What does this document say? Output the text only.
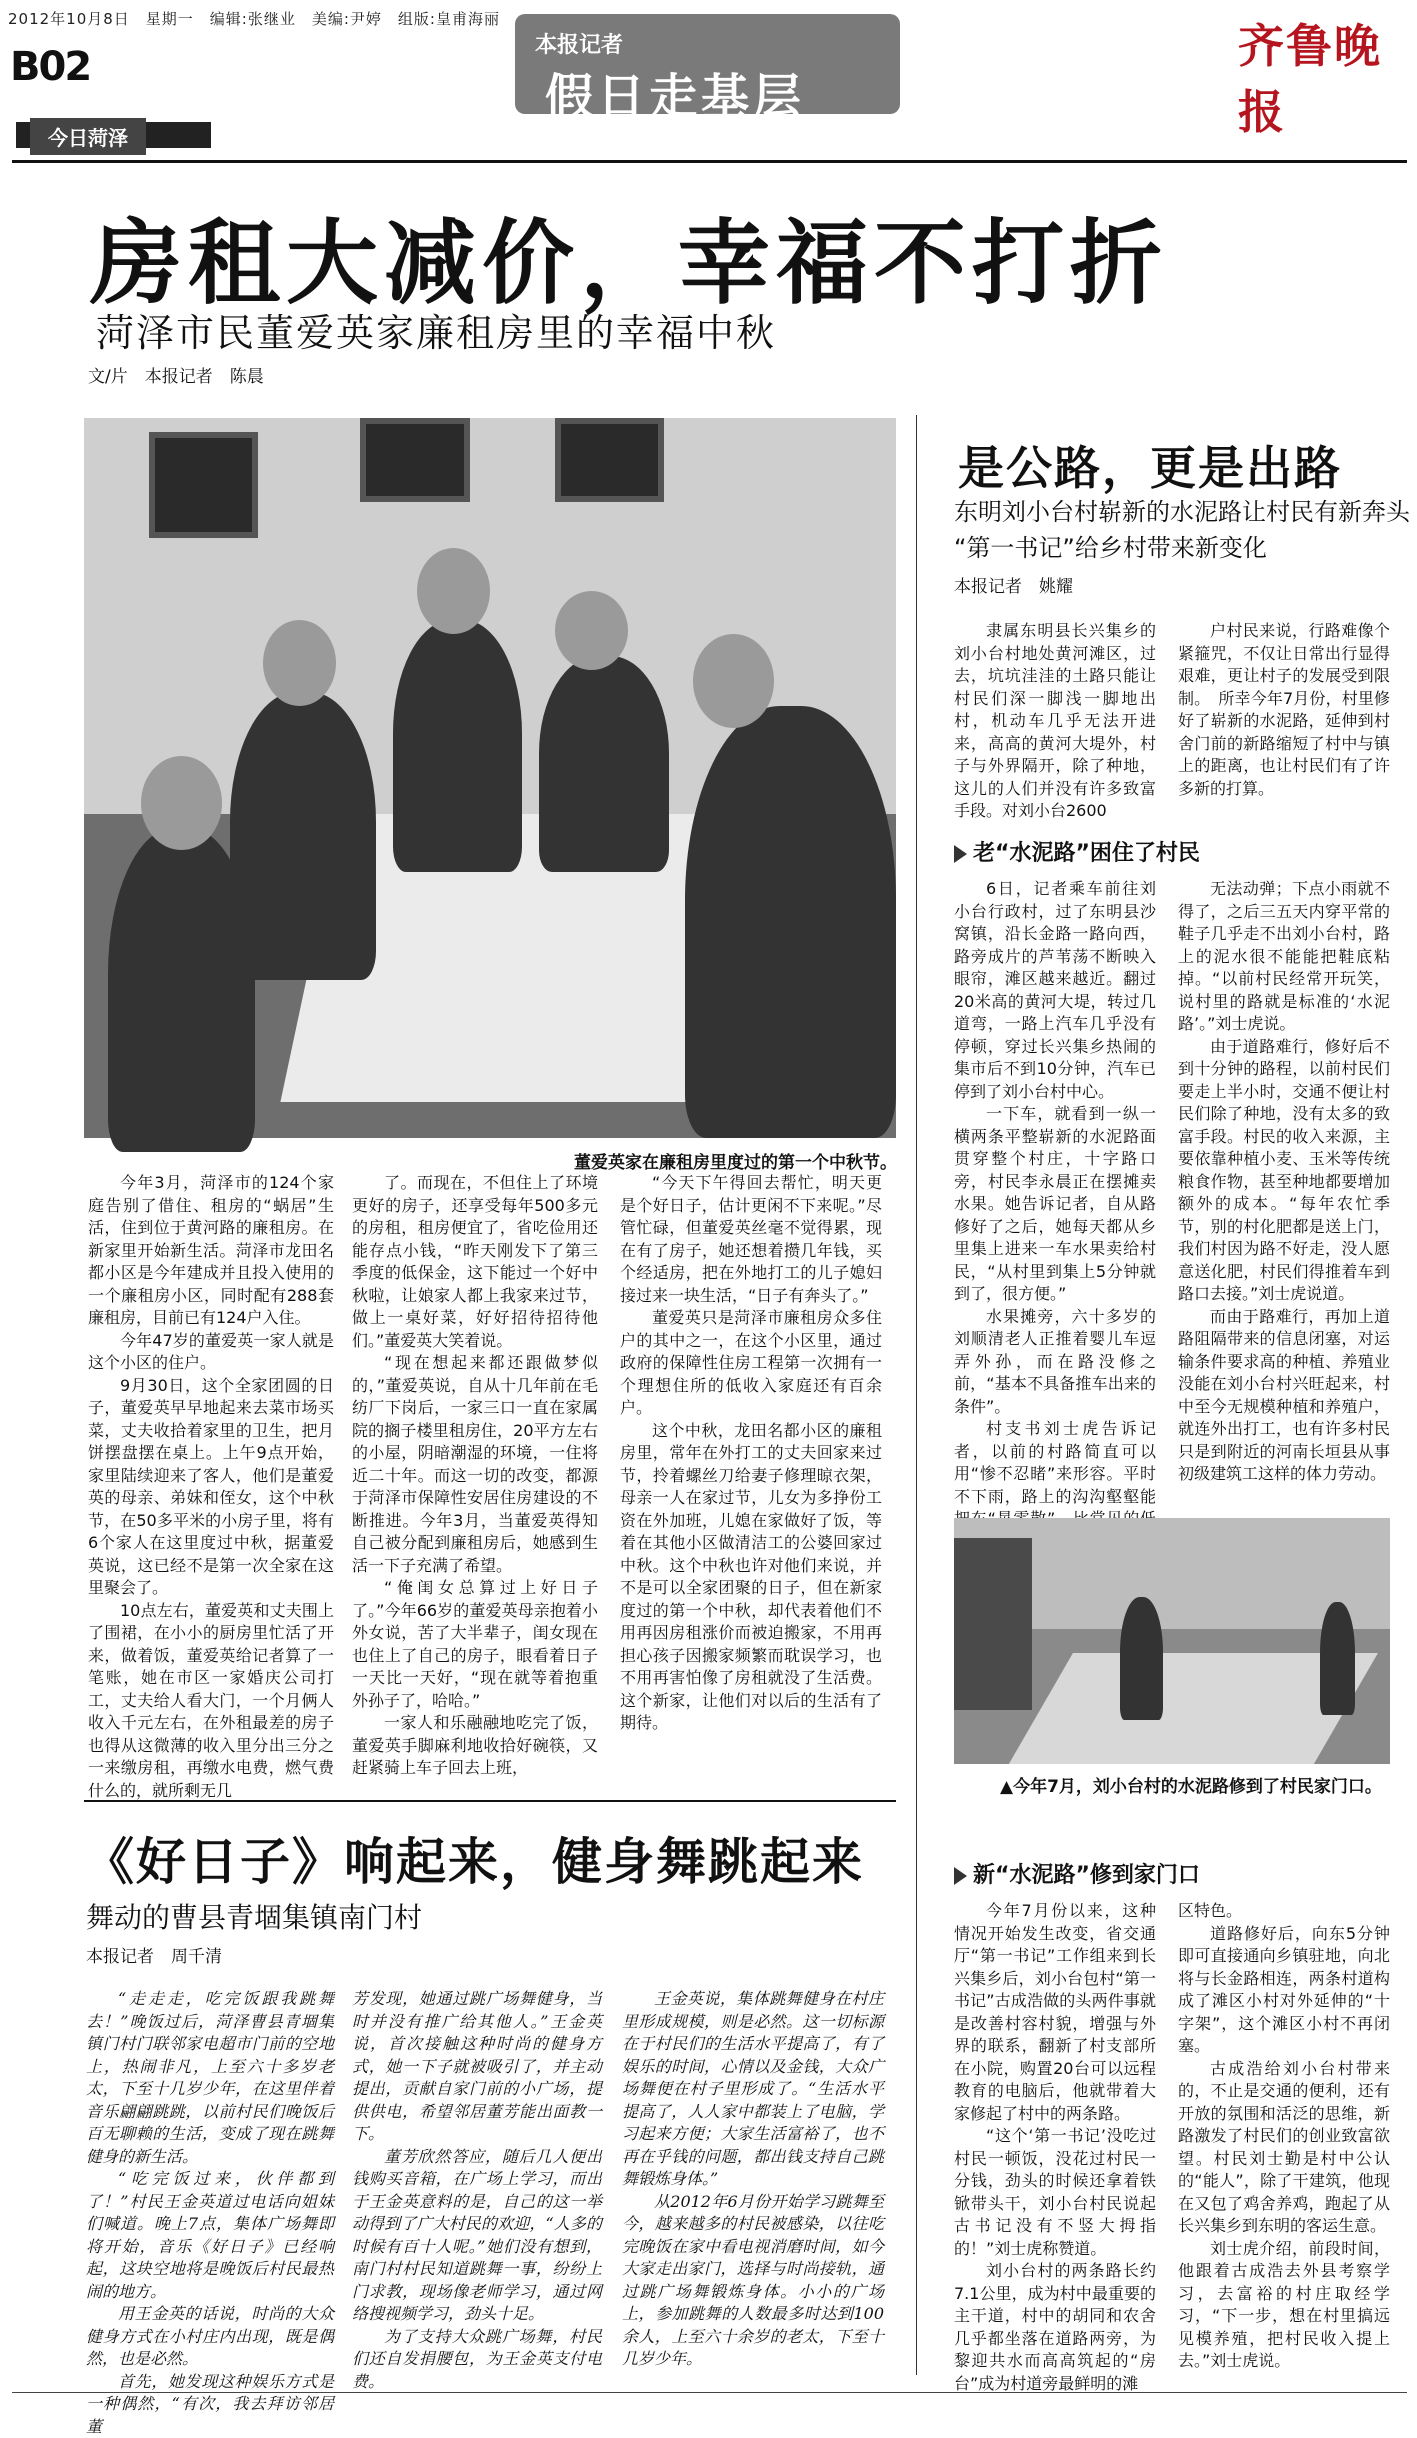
2012年10月8日　星期一　编辑:张继业　美编:尹婷　组版:皇甫海丽
B02
今日菏泽
本报记者
假日走基层
齐鲁晚报
房租大减价，幸福不打折
菏泽市民董爱英家廉租房里的幸福中秋
文/片　本报记者　陈晨
董爱英家在廉租房里度过的第一个中秋节。

今年3月，菏泽市的124个家庭告别了借住、租房的“蜗居”生活，住到位于黄河路的廉租房。在新家里开始新生活。菏泽市龙田名都小区是今年建成并且投入使用的一个廉租房小区，同时配有288套廉租房，目前已有124户入住。

今年47岁的董爱英一家人就是这个小区的住户。

9月30日，这个全家团圆的日子，董爱英早早地起来去菜市场买菜，丈夫收拾着家里的卫生，把月饼摆盘摆在桌上。上午9点开始，家里陆续迎来了客人，他们是董爱英的母亲、弟妹和侄女，这个中秋节，在50多平米的小房子里，将有6个家人在这里度过中秋，据董爱英说，这已经不是第一次全家在这里聚会了。

10点左右，董爱英和丈夫围上了围裙，在小小的厨房里忙活了开来，做着饭，董爱英给记者算了一笔账，她在市区一家婚庆公司打工，丈夫给人看大门，一个月俩人收入千元左右，在外租最差的房子也得从这微薄的收入里分出三分之一来缴房租，再缴水电费，燃气费什么的，就所剩无几

了。而现在，不但住上了环境更好的房子，还享受每年500多元的房租，租房便宜了，省吃俭用还能存点小钱，“昨天刚发下了第三季度的低保金，这下能过一个好中秋啦，让娘家人都上我家来过节，做上一桌好菜，好好招待招待他们。”董爱英大笑着说。

“现在想起来都还跟做梦似的，”董爱英说，自从十几年前在毛纺厂下岗后，一家三口一直在家属院的搁子楼里租房住，20平方左右的小屋，阴暗潮湿的环境，一住将近二十年。而这一切的改变，都源于菏泽市保障性安居住房建设的不断推进。今年3月，当董爱英得知自己被分配到廉租房后，她感到生活一下子充满了希望。

“俺闺女总算过上好日子了。”今年66岁的董爱英母亲抱着小外女说，苦了大半辈子，闺女现在也住上了自己的房子，眼看着日子一天比一天好，“现在就等着抱重外孙子了，哈哈。”

一家人和乐融融地吃完了饭，董爱英手脚麻利地收拾好碗筷，又赶紧骑上车子回去上班，

“今天下午得回去帮忙，明天更是个好日子，估计更闲不下来呢。”尽管忙碌，但董爱英丝毫不觉得累，现在有了房子，她还想着攒几年钱，买个经适房，把在外地打工的儿子媳妇接过来一块生活，“日子有奔头了。”

董爱英只是菏泽市廉租房众多住户的其中之一，在这个小区里，通过政府的保障性住房工程第一次拥有一个理想住所的低收入家庭还有百余户。

这个中秋，龙田名都小区的廉租房里，常年在外打工的丈夫回家来过节，拎着螺丝刀给妻子修理晾衣架，母亲一人在家过节，儿女为多挣份工资在外加班，儿媳在家做好了饭，等着在其他小区做清洁工的公婆回家过中秋。这个中秋也许对他们来说，并不是可以全家团聚的日子，但在新家度过的第一个中秋，却代表着他们不用再因房租涨价而被迫搬家，不用再担心孩子因搬家频繁而耽误学习，也不用再害怕像了房租就没了生活费。这个新家，让他们对以后的生活有了期待。

是公路，更是出路
东明刘小台村崭新的水泥路让村民有新奔头
“第一书记”给乡村带来新变化
本报记者　姚耀

隶属东明县长兴集乡的刘小台村地处黄河滩区，过去，坑坑洼洼的土路只能让村民们深一脚浅一脚地出村，机动车几乎无法开进来，高高的黄河大堤外，村子与外界隔开，除了种地，这儿的人们并没有许多致富手段。对刘小台2600

户村民来说，行路难像个紧箍咒，不仅让日常出行显得艰难，更让村子的发展受到限制。　所幸今年7月份，村里修好了崭新的水泥路，延伸到村舍门前的新路缩短了村中与镇上的距离，也让村民们有了许多新的打算。

老“水泥路”困住了村民

6日，记者乘车前往刘小台行政村，过了东明县沙窝镇，沿长金路一路向西，路旁成片的芦苇荡不断映入眼帘，滩区越来越近。翻过20米高的黄河大堤，转过几道弯，一路上汽车几乎没有停顿，穿过长兴集乡热闹的集市后不到10分钟，汽车已停到了刘小台村中心。

一下车，就看到一纵一横两条平整崭新的水泥路面贯穿整个村庄，十字路口旁，村民李永晨正在摆摊卖水果。她告诉记者，自从路修好了之后，她每天都从乡里集上进来一车水果卖给村民，“从村里到集上5分钟就到了，很方便。”

水果摊旁，六十多岁的刘顺清老人正推着婴儿车逗弄外孙，而在路没修之前，“基本不具备推车出来的条件”。

村支书刘士虎告诉记者，以前的村路简直可以用“惨不忍睹”来形容。平时不下雨，路上的沟沟壑壑能

无法动弹；下点小雨就不得了，之后三五天内穿平常的鞋子几乎走不出刘小台村，路上的泥水很不能能把鞋底粘掉。“以前村民经常开玩笑，说村里的路就是标准的‘水泥路’。”刘士虎说。

由于道路难行，修好后不到十分钟的路程，以前村民们要走上半小时，交通不便让村民们除了种地，没有太多的致富手段。村民的收入来源，主要依靠种植小麦、玉米等传统粮食作物，甚至种地都要增加额外的成本。“每年农忙季节，别的村化肥都是送上门，我们村因为路不好走，没人愿意送化肥，村民们得推着车到路口去接。”刘士虎说道。

而由于路难行，再加上道路阻隔带来的信息闭塞，对运输条件要求高的种植、养殖业没能在刘小台村兴旺起来，村中至今无规模种植和养殖户，就连外出打工，也有许多村民只是到附近的河南长垣县从事初级建筑工这样的体力劳动。

▲今年7月，刘小台村的水泥路修到了村民家门口。
新“水泥路”修到家门口

今年7月份以来，这种情况开始发生改变，省交通厅“第一书记”工作组来到长兴集乡后，刘小台包村“第一书记”古成浩做的头两件事就是改善村容村貌，增强与外界的联系，翻新了村支部所在小院，购置20台可以远程教育的电脑后，他就带着大家修起了村中的两条路。

“这个‘第一书记’没吃过村民一顿饭，没花过村民一分钱，劲头的时候还拿着铁锨带头干，刘小台村民说起古书记没有不竖大拇指的！”刘士虎称赞道。

刘小台村的两条路长约7.1公里，成为村中最重要的主干道，村中的胡同和农舍几乎都坐落在道路两旁，为黎迎共水而高高筑起的“房台”成为村道旁最鲜明的滩

区特色。

道路修好后，向东5分钟即可直接通向乡镇驻地，向北将与长金路相连，两条村道构成了滩区小村对外延伸的“十字架”，这个滩区小村不再闭塞。

古成浩给刘小台村带来的，不止是交通的便利，还有开放的氛围和活泛的思维，新路激发了村民们的创业致富欲望。村民刘士勤是村中公认的“能人”，除了干建筑，他现在又包了鸡舍养鸡，跑起了从长兴集乡到东明的客运生意。

刘士虎介绍，前段时间，他跟着古成浩去外县考察学习，去富裕的村庄取经学习，“下一步，想在村里搞远见模养殖，把村民收入提上去。”刘士虎说。

《好日子》响起来，健身舞跳起来
舞动的曹县青堌集镇南门村
本报记者　周千清

“走走走，吃完饭跟我跳舞去！”晚饭过后，菏泽曹县青堌集镇门村门联邻家电超市门前的空地上，热闹非凡，上至六十多岁老太，下至十几岁少年，在这里伴着音乐翩翩跳跳，以前村民们晚饭后百无聊赖的生活，变成了现在跳舞健身的新生活。

“吃完饭过来，伙伴都到了！”村民王金英道过电话向姐妹们喊道。晚上7点，集体广场舞即将开始，音乐《好日子》已经响起，这块空地将是晚饭后村民最热闹的地方。

用王金英的话说，时尚的大众健身方式在小村庄内出现，既是偶然，也是必然。

首先，她发现这种娱乐方式是一种偶然，“有次，我去拜访邻居董

芳发现，她通过跳广场舞健身，当时并没有推广给其他人。”王金英说，首次接触这种时尚的健身方式，她一下子就被吸引了，并主动提出，贡献自家门前的小广场，提供供电，希望邻居董芳能出面教一下。

董芳欣然答应，随后几人便出钱购买音箱，在广场上学习，而出于王金英意料的是，自己的这一举动得到了广大村民的欢迎，“人多的时候有百十人呢。”她们没有想到，南门村村民知道跳舞一事，纷纷上门求教，现场像老师学习，通过网络搜视频学习，劲头十足。

为了支持大众跳广场舞，村民们还自发捐腰包，为王金英支付电费。

王金英说，集体跳舞健身在村庄里形成规模，则是必然。这一切标源在于村民们的生活水平提高了，有了娱乐的时间，心情以及金钱，大众广场舞便在村子里形成了。“生活水平提高了，人人家中都装上了电脑，学习起来方便；大家生活富裕了，也不再在乎钱的问题，都出钱支持自己跳舞锻炼身体。”

从2012年6月份开始学习跳舞至今，越来越多的村民被感染，以往吃完晚饭在家中看电视消磨时间，如今大家走出家门，选择与时尚接轨，通过跳广场舞锻炼身体。小小的广场上，参加跳舞的人数最多时达到100余人，上至六十余岁的老太，下至十几岁少年。
